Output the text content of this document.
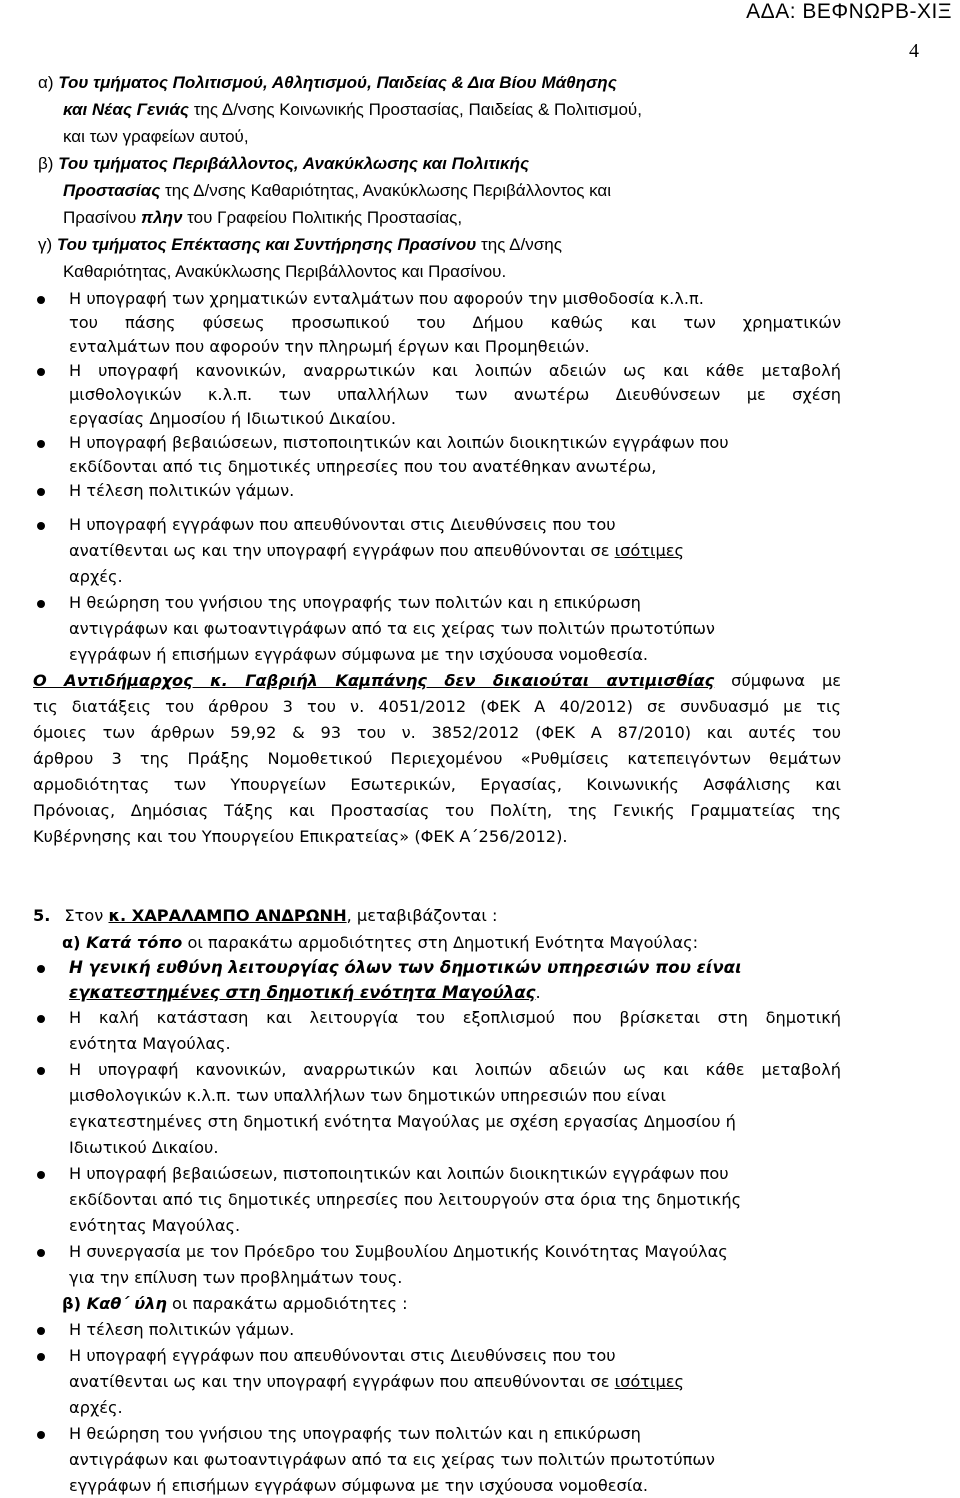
ΑΔΑ: ΒΕΦΝΩΡΒ-ΧΙΞ
4
α) Του τμήματος Πολιτισμού, Αθλητισμού, Παιδείας & Δια Βίου Μάθησης
και Νέας Γενιάς της Δ/νσης Κοινωνικής Προστασίας, Παιδείας & Πολιτισμού,
και των γραφείων αυτού,
β) Του τμήματος Περιβάλλοντος, Ανακύκλωσης και Πολιτικής
Προστασίας της Δ/νσης Καθαριότητας, Ανακύκλωσης Περιβάλλοντος και
Πρασίνου πλην του Γραφείου Πολιτικής Προστασίας,
γ) Του τμήματος Επέκτασης και Συντήρησης Πρασίνου της Δ/νσης
Καθαριότητας, Ανακύκλωσης Περιβάλλοντος και Πρασίνου.
Η υπογραφή των χρηματικών ενταλμάτων που αφορούν την μισθοδοσία κ.λ.π.
του πάσης φύσεως προσωπικού του Δήμου καθώς και των χρηματικών
ενταλμάτων που αφορούν την πληρωμή έργων και Προμηθειών.
Η υπογραφή κανονικών, αναρρωτικών και λοιπών αδειών ως και κάθε μεταβολή
μισθολογικών κ.λ.π. των υπαλλήλων των ανωτέρω Διευθύνσεων με σχέση
εργασίας Δημοσίου ή Ιδιωτικού Δικαίου.
Η υπογραφή βεβαιώσεων, πιστοποιητικών και λοιπών διοικητικών εγγράφων που
εκδίδονται από τις δημοτικές υπηρεσίες που του ανατέθηκαν ανωτέρω,
Η τέλεση πολιτικών γάμων.
Η υπογραφή εγγράφων που απευθύνονται στις Διευθύνσεις που του
ανατίθενται ως και την υπογραφή εγγράφων που απευθύνονται σε ισότιμες
αρχές.
Η θεώρηση του γνήσιου της υπογραφής των πολιτών και η επικύρωση
αντιγράφων και φωτοαντιγράφων από τα εις χείρας των πολιτών πρωτοτύπων
εγγράφων ή επισήμων εγγράφων σύμφωνα με την ισχύουσα νομοθεσία.
Ο Αντιδήμαρχος κ. Γαβριήλ Καμπάνης δεν δικαιούται αντιμισθίας σύμφωνα με
τις διατάξεις του άρθρου 3 του ν. 4051/2012 (ΦΕΚ Α 40/2012) σε συνδυασμό με τις
όμοιες των άρθρων 59,92 & 93 του ν. 3852/2012 (ΦΕΚ Α 87/2010) και αυτές του
άρθρου 3 της Πράξης Νομοθετικού Περιεχομένου «Ρυθμίσεις κατεπειγόντων θεμάτων
αρμοδιότητας των Υπουργείων Εσωτερικών, Εργασίας, Κοινωνικής Ασφάλισης και
Πρόνοιας, Δημόσιας Τάξης και Προστασίας του Πολίτη, της Γενικής Γραμματείας της
Κυβέρνησης και του Υπουργείου Επικρατείας» (ΦΕΚ Α΄256/2012).
5. Στον κ. ΧΑΡΑΛΑΜΠΟ ΑΝΔΡΩΝΗ, μεταβιβάζονται :
α) Κατά τόπο οι παρακάτω αρμοδιότητες στη Δημοτική Ενότητα Μαγούλας:
Η γενική ευθύνη λειτουργίας όλων των δημοτικών υπηρεσιών που είναι
εγκατεστημένες στη δημοτική ενότητα Μαγούλας.
Η καλή κατάσταση και λειτουργία του εξοπλισμού που βρίσκεται στη δημοτική
ενότητα Μαγούλας.
Η υπογραφή κανονικών, αναρρωτικών και λοιπών αδειών ως και κάθε μεταβολή
μισθολογικών κ.λ.π. των υπαλλήλων των δημοτικών υπηρεσιών που είναι
εγκατεστημένες στη δημοτική ενότητα Μαγούλας με σχέση εργασίας Δημοσίου ή
Ιδιωτικού Δικαίου.
Η υπογραφή βεβαιώσεων, πιστοποιητικών και λοιπών διοικητικών εγγράφων που
εκδίδονται από τις δημοτικές υπηρεσίες που λειτουργούν στα όρια της δημοτικής
ενότητας Μαγούλας.
Η συνεργασία με τον Πρόεδρο του Συμβουλίου Δημοτικής Κοινότητας Μαγούλας
για την επίλυση των προβλημάτων τους.
β) Καθ΄ ύλη οι παρακάτω αρμοδιότητες :
Η τέλεση πολιτικών γάμων.
Η υπογραφή εγγράφων που απευθύνονται στις Διευθύνσεις που του
ανατίθενται ως και την υπογραφή εγγράφων που απευθύνονται σε ισότιμες
αρχές.
Η θεώρηση του γνήσιου της υπογραφής των πολιτών και η επικύρωση
αντιγράφων και φωτοαντιγράφων από τα εις χείρας των πολιτών πρωτοτύπων
εγγράφων ή επισήμων εγγράφων σύμφωνα με την ισχύουσα νομοθεσία.
